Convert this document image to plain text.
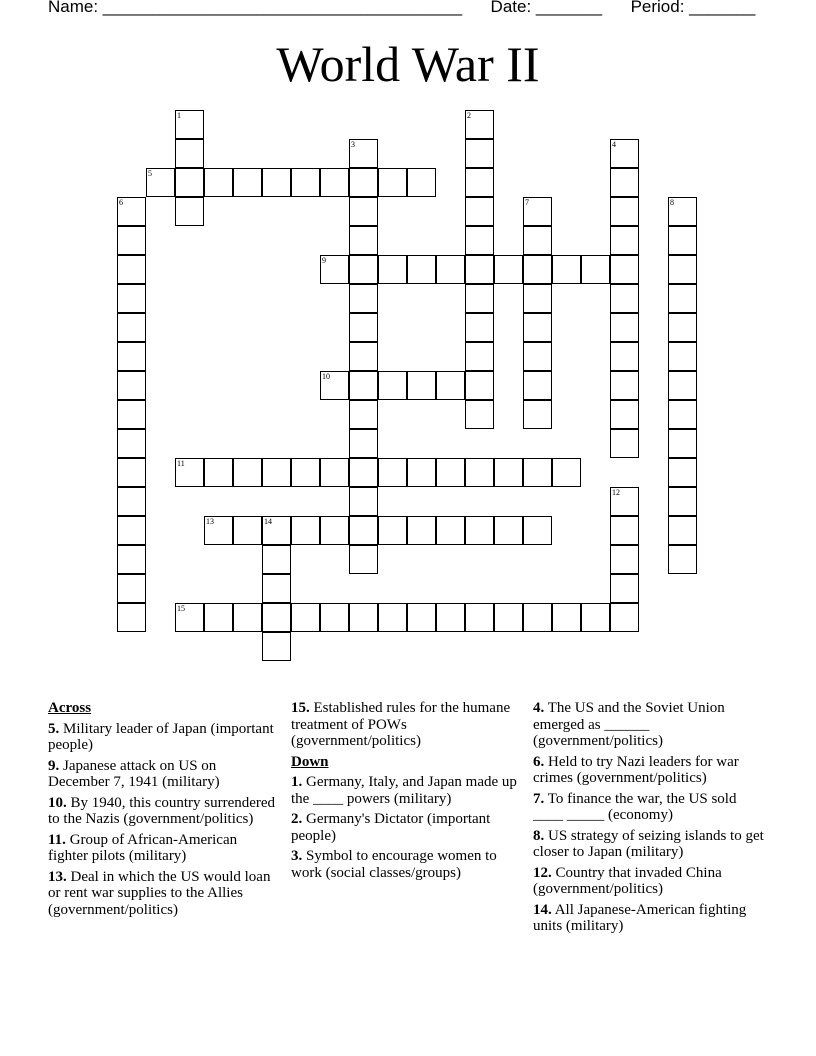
Name: ______________________________________ Date: _______ Period: _______
World War II
5
9
10
11
13	14
15
1	2
3	4
6	7	8
12
Across
5. Military leader of Japan (important people)
9. Japanese attack on US on December 7, 1941 (military)
10. By 1940, this country surrendered to the Nazis (government/politics)
11. Group of African-American fighter pilots (military)
13. Deal in which the US would loan or rent war supplies to the Allies (government/politics)
15. Established rules for the humane treatment of POWs (government/politics)
Down
1. Germany, Italy, and Japan made up the ____ powers (military)
2. Germany's Dictator (important people)
3. Symbol to encourage women to work (social classes/groups)
4. The US and the Soviet Union emerged as ______ (government/politics)
6. Held to try Nazi leaders for war crimes (government/politics)
7. To finance the war, the US sold ____ _____ (economy)
8. US strategy of seizing islands to get closer to Japan (military)
12. Country that invaded China (government/politics)
14. All Japanese-American fighting units (military)
